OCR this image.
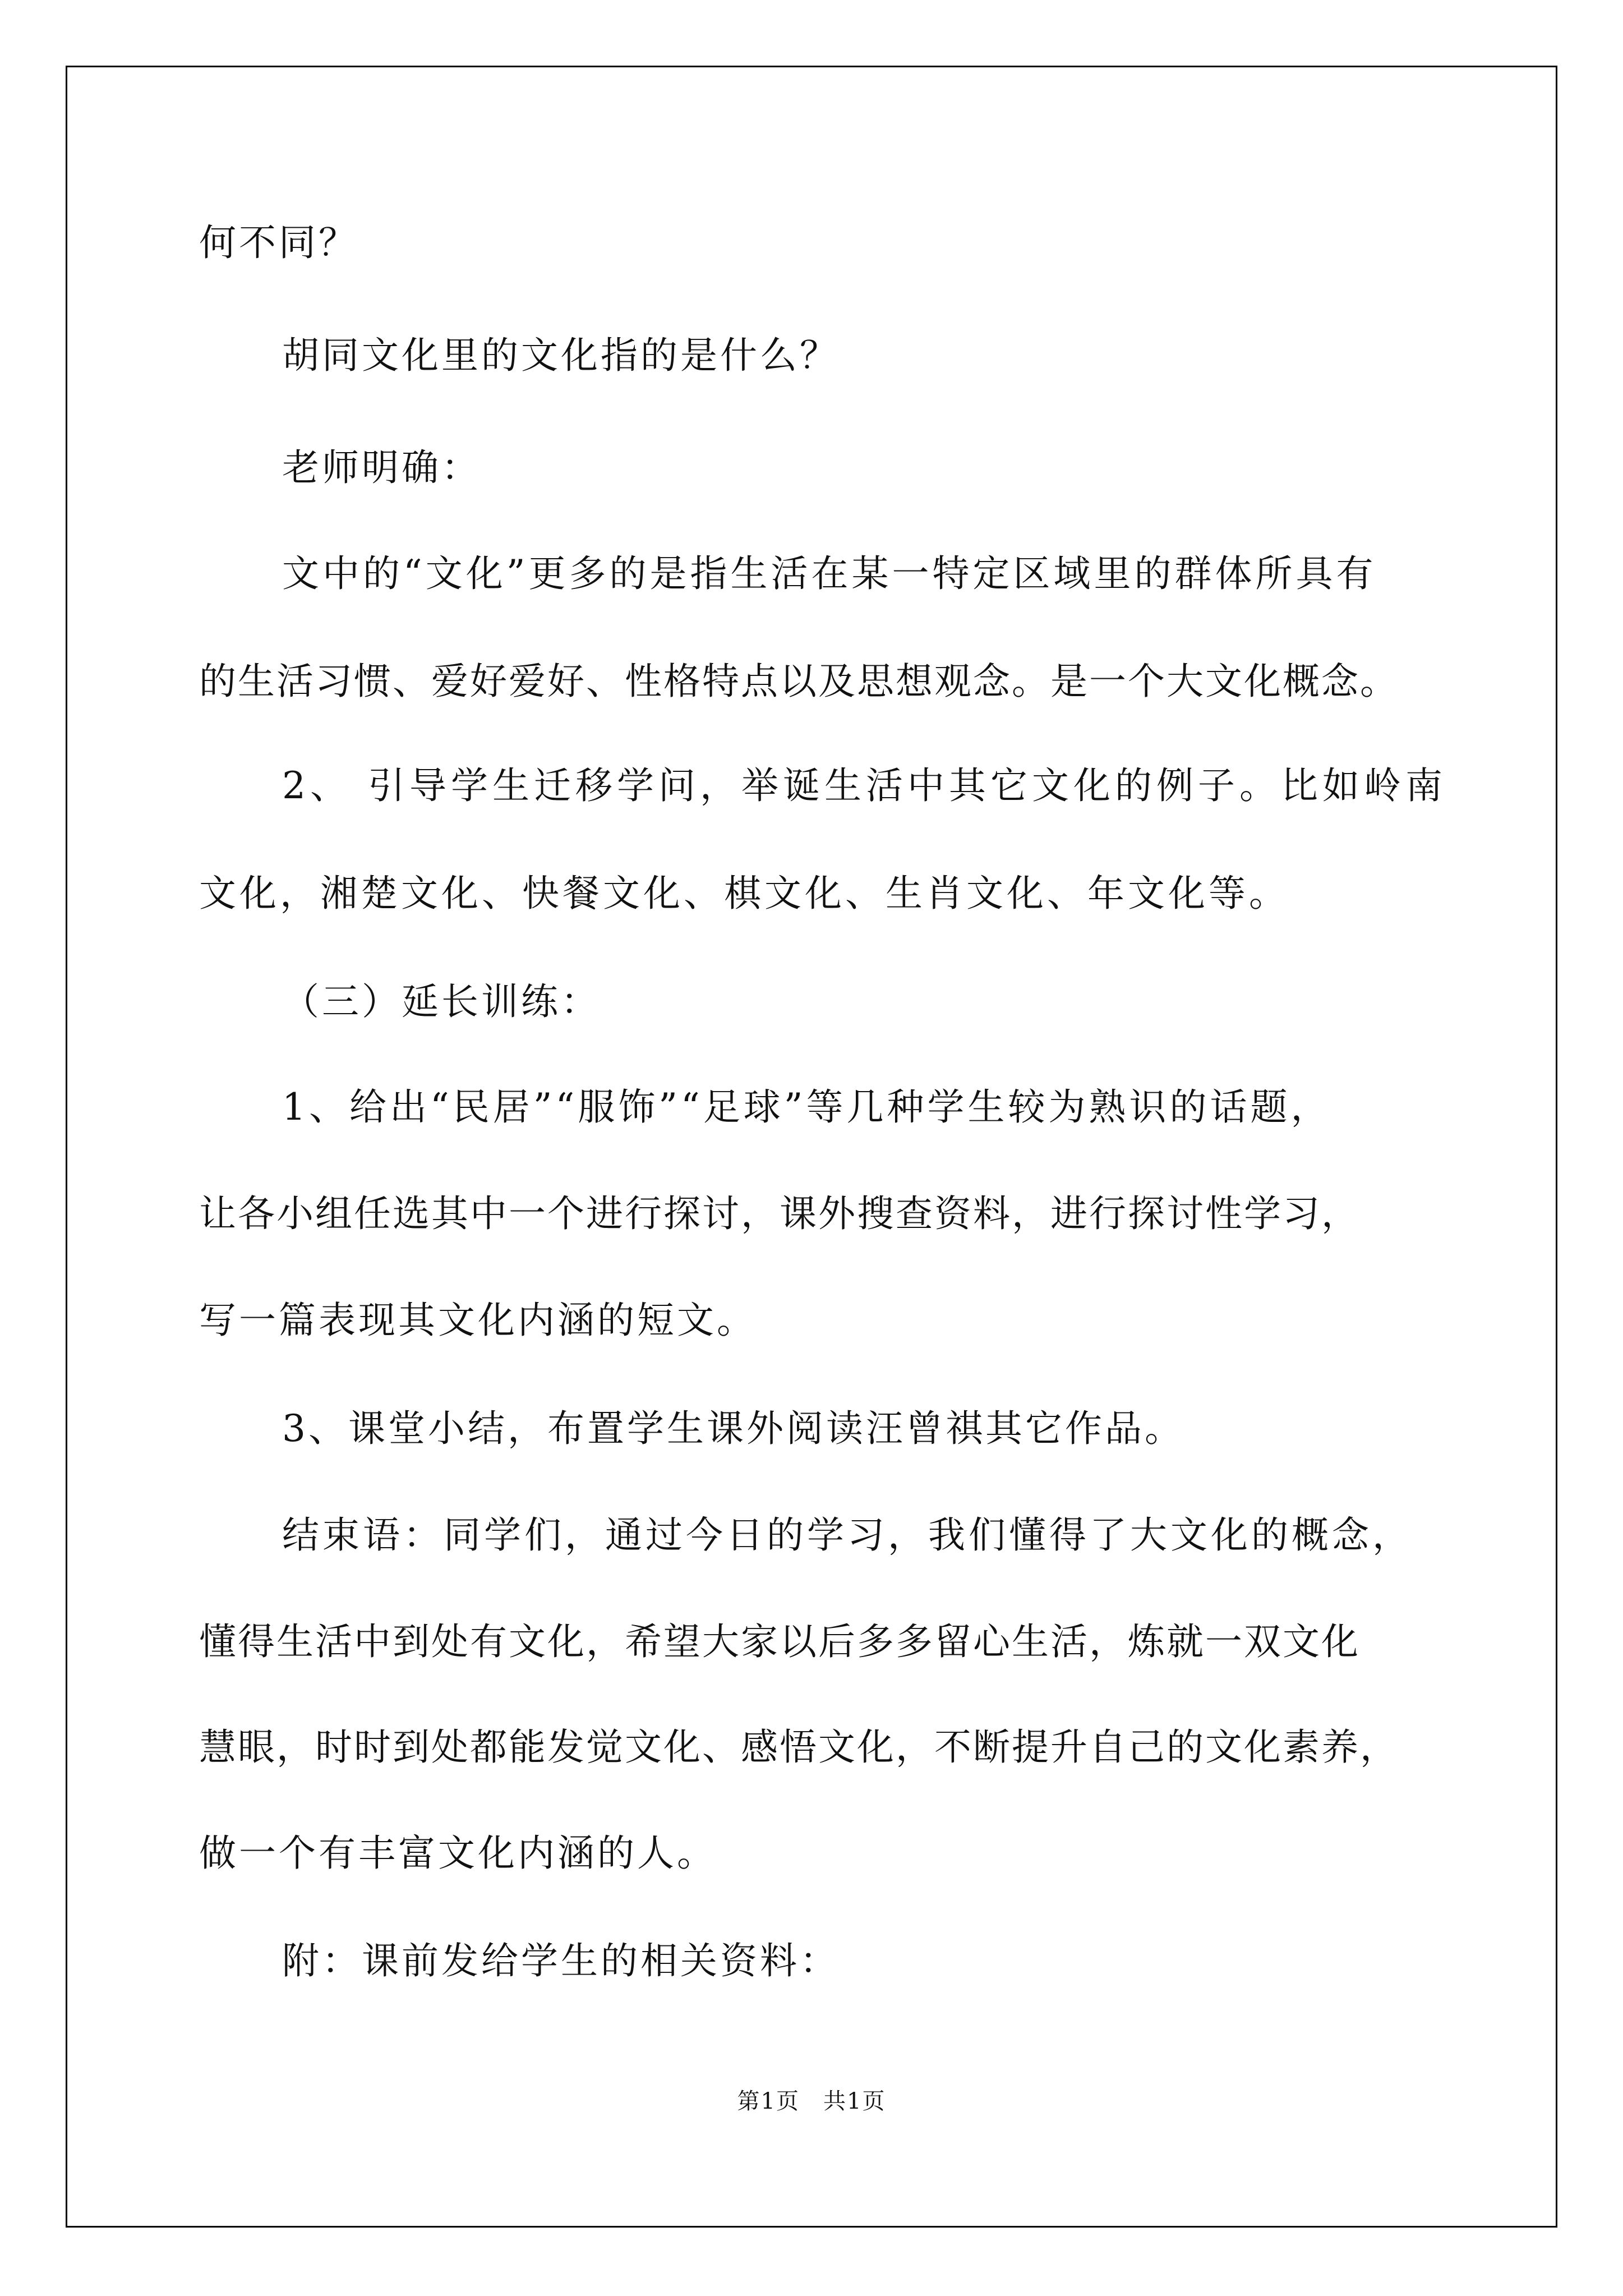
何不同？
胡同文化里的文化指的是什么？
老师明确：
文中的“文化”更多的是指生活在某一特定区域里的群体所具有
的生活习惯、爱好爱好、性格特点以及思想观念。是一个大文化概念。
2、 引导学生迁移学问，举诞生活中其它文化的例子。比如岭南
文化，湘楚文化、快餐文化、棋文化、生肖文化、年文化等。
（三）延长训练：
1、给出“民居”“服饰”“足球”等几种学生较为熟识的话题，
让各小组任选其中一个进行探讨，课外搜查资料，进行探讨性学习，
写一篇表现其文化内涵的短文。
3、课堂小结，布置学生课外阅读汪曾祺其它作品。
结束语：同学们，通过今日的学习，我们懂得了大文化的概念，
懂得生活中到处有文化，希望大家以后多多留心生活，炼就一双文化
慧眼，时时到处都能发觉文化、感悟文化，不断提升自己的文化素养，
做一个有丰富文化内涵的人。
附：课前发给学生的相关资料：
第1页　共1页
